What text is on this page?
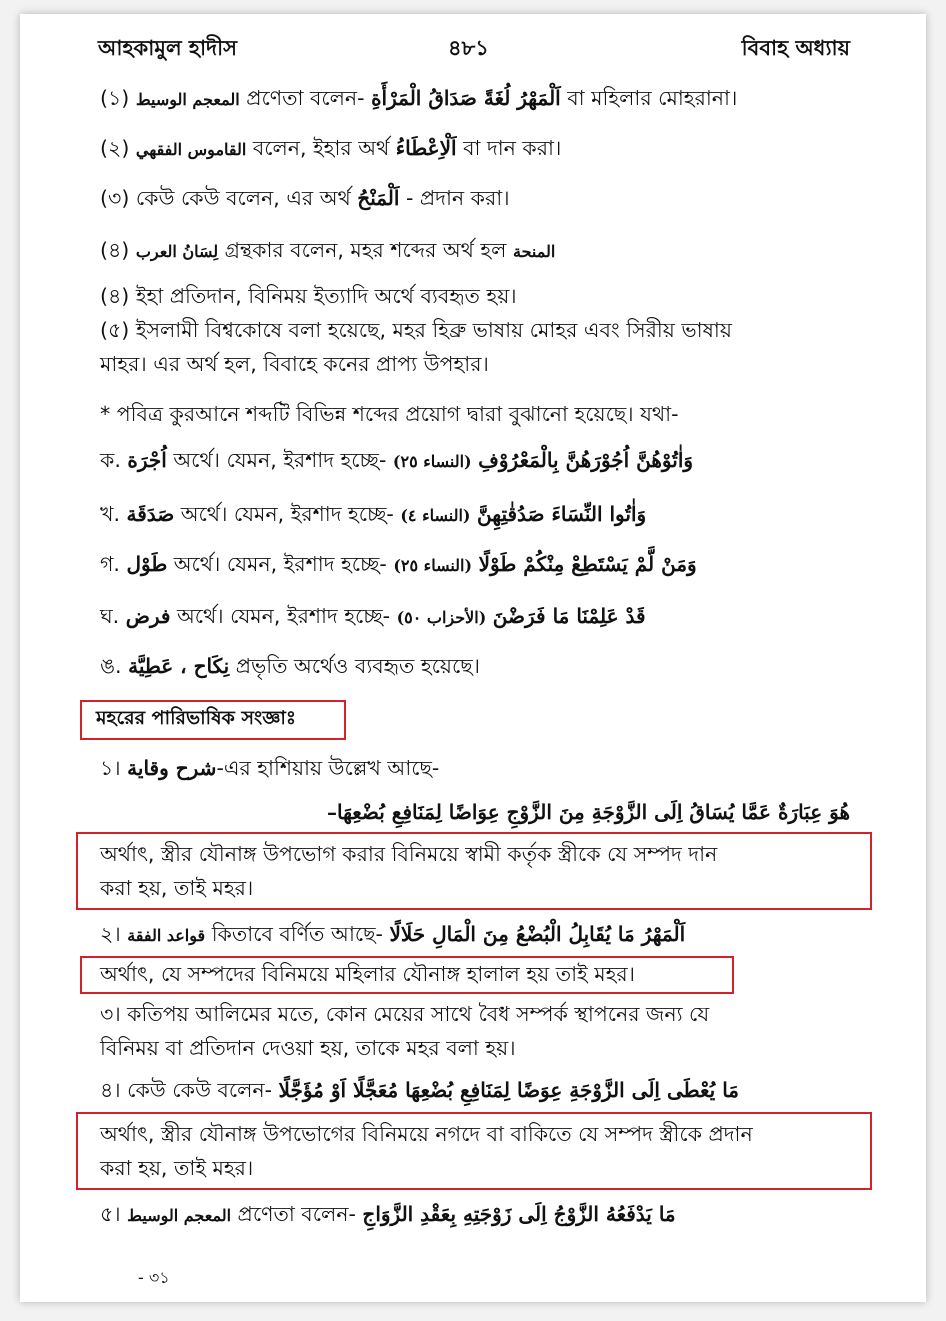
আহকামুল হাদীস	৪৮১	বিবাহ অধ্যায়
(১) المعجم الوسيط প্রণেতা বলেন- اَلْمَهْرُ لُغَةً صَدَاقُ الْمَرْأَةِ বা মহিলার মোহরানা।
(২) القاموس الفقهي বলেন, ইহার অর্থ اَلْاِعْطَاءُ বা দান করা।
(৩) কেউ কেউ বলেন, এর অর্থ اَلْمَنْحُ - প্রদান করা।
(৪) لِسَانُ العرب গ্রন্থকার বলেন, মহর শব্দের অর্থ হল المنحة
(৪) ইহা প্রতিদান, বিনিময় ইত্যাদি অর্থে ব্যবহৃত হয়।
(৫) ইসলামী বিশ্বকোষে বলা হয়েছে, মহর হিব্রু ভাষায় মোহর এবং সিরীয় ভাষায়
মাহর। এর অর্থ হল, বিবাহে কনের প্রাপ্য উপহার।
* পবিত্র কুরআনে শব্দটি বিভিন্ন শব্দের প্রয়োগ দ্বারা বুঝানো হয়েছে। যথা-
ক. اُجْرَة অর্থে। যেমন, ইরশাদ হচ্ছে- (النساء ٢٥) وَاٰتُوْهُنَّ اُجُوْرَهُنَّ بِالْمَعْرُوْفِ
খ. صَدَقَة অর্থে। যেমন, ইরশাদ হচ্ছে- (النساء ٤) وَاٰتُوا النِّسَاءَ صَدُقٰتِهِنَّ
গ. طَوْل অর্থে। যেমন, ইরশাদ হচ্ছে- (النساء ٢٥) وَمَنْ لَّمْ يَسْتَطِعْ مِنْكُمْ طَوْلًا
ঘ. فرض অর্থে। যেমন, ইরশাদ হচ্ছে- (الأحزاب ٥٠) قَدْ عَلِمْنَا مَا فَرَضْنَ
ঙ. نِكَاح ، عَطِيَّة প্রভৃতি অর্থেও ব্যবহৃত হয়েছে।
মহরের পারিভাষিক সংজ্ঞাঃ
১। شرح وقاية-এর হাশিয়ায় উল্লেখ আছে-
هُوَ عِبَارَةٌ عَمَّا يُسَاقُ اِلَى الزَّوْجَةِ مِنَ الزَّوْجِ عِوَاضًا لِمَنَافِعِ بُضْعِهَا–
অর্থাৎ, স্ত্রীর যৌনাঙ্গ উপভোগ করার বিনিময়ে স্বামী কর্তৃক স্ত্রীকে যে সম্পদ দান
করা হয়, তাই মহর।
২। قواعد الفقة কিতাবে বর্ণিত আছে- اَلْمَهْرُ مَا يُقَابِلُ الْبُضْعُ مِنَ الْمَالِ حَلَالًا
অর্থাৎ, যে সম্পদের বিনিময়ে মহিলার যৌনাঙ্গ হালাল হয় তাই মহর।
৩। কতিপয় আলিমের মতে, কোন মেয়ের সাথে বৈধ সম্পর্ক স্থাপনের জন্য যে
বিনিময় বা প্রতিদান দেওয়া হয়, তাকে মহর বলা হয়।
৪। কেউ কেউ বলেন- مَا يُعْطَى اِلَى الزَّوْجَةِ عِوَضًا لِمَنَافِعِ بُضْعِهَا مُعَجَّلًا اَوْ مُؤَجَّلًا
অর্থাৎ, স্ত্রীর যৌনাঙ্গ উপভোগের বিনিময়ে নগদে বা বাকিতে যে সম্পদ স্ত্রীকে প্রদান
করা হয়, তাই মহর।
৫। المعجم الوسيط প্রণেতা বলেন- مَا يَدْفَعُهُ الزَّوْجُ اِلَى زَوْجَتِهِ بِعَقْدِ الزَّوَاجِ
- ৩১
